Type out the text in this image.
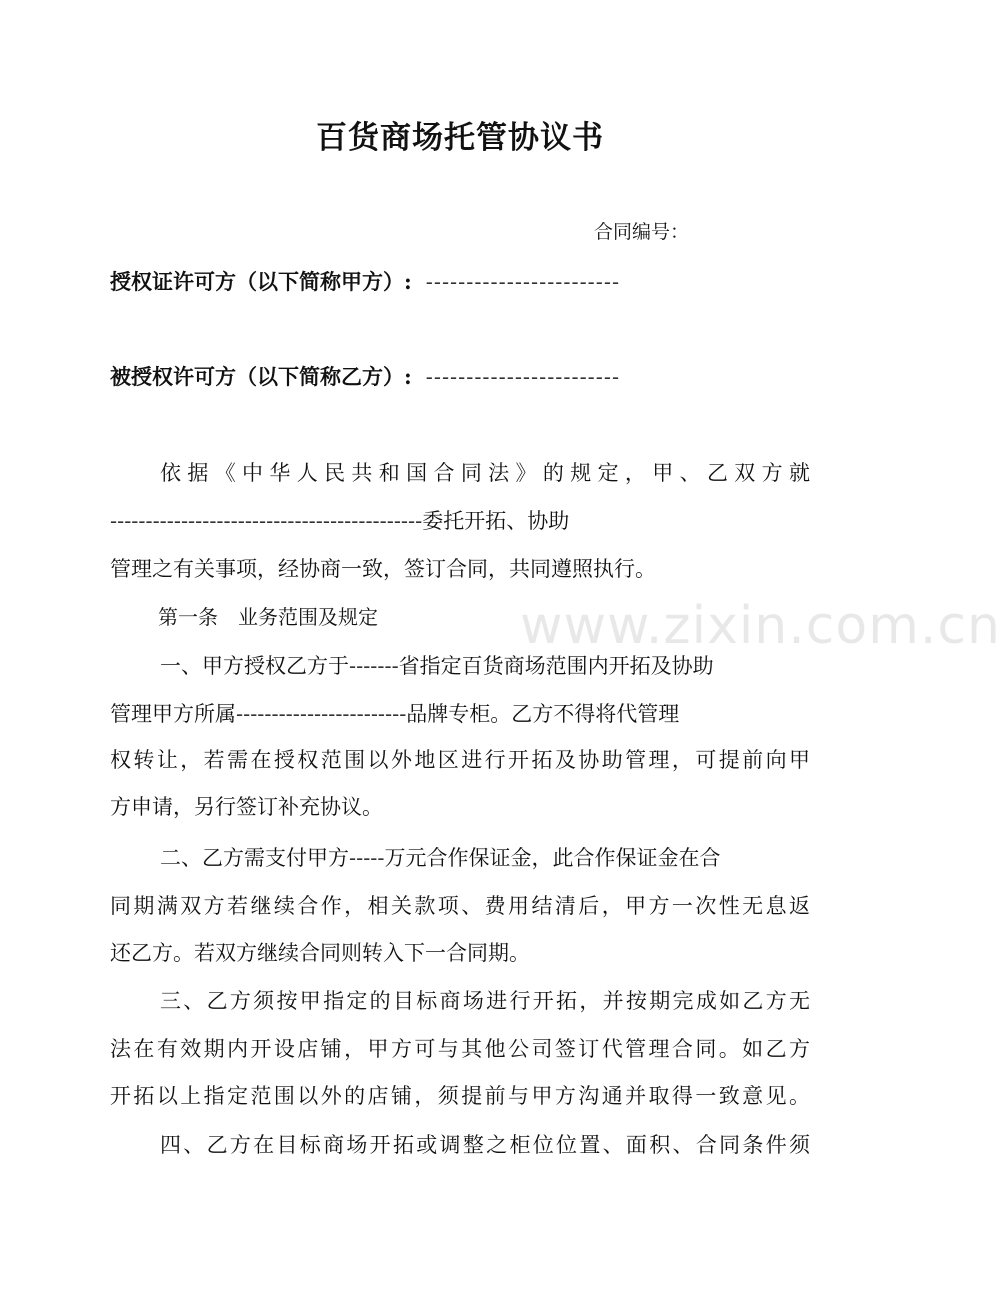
www.zixin.com.cn
百货商场托管协议书
合同编号：
授权证许可方（以下简称甲方）: ------------------------
被授权许可方（以下简称乙方）: ------------------------
依据《中华人民共和国合同法》的规定，甲、乙双方就
--------------------------------------------委托开拓、协助
管理之有关事项，经协商一致，签订合同，共同遵照执行。
第一条　业务范围及规定
一、甲方授权乙方于-------省指定百货商场范围内开拓及协助
管理甲方所属------------------------品牌专柜。乙方不得将代管理
权转让，若需在授权范围以外地区进行开拓及协助管理，可提前向甲
方申请，另行签订补充协议。
二、乙方需支付甲方-----万元合作保证金，此合作保证金在合
同期满双方若继续合作，相关款项、费用结清后，甲方一次性无息返
还乙方。若双方继续合同则转入下一合同期。
三、乙方须按甲指定的目标商场进行开拓，并按期完成如乙方无
法在有效期内开设店铺，甲方可与其他公司签订代管理合同。如乙方
开拓以上指定范围以外的店铺，须提前与甲方沟通并取得一致意见。
四、乙方在目标商场开拓或调整之柜位位置、面积、合同条件须
